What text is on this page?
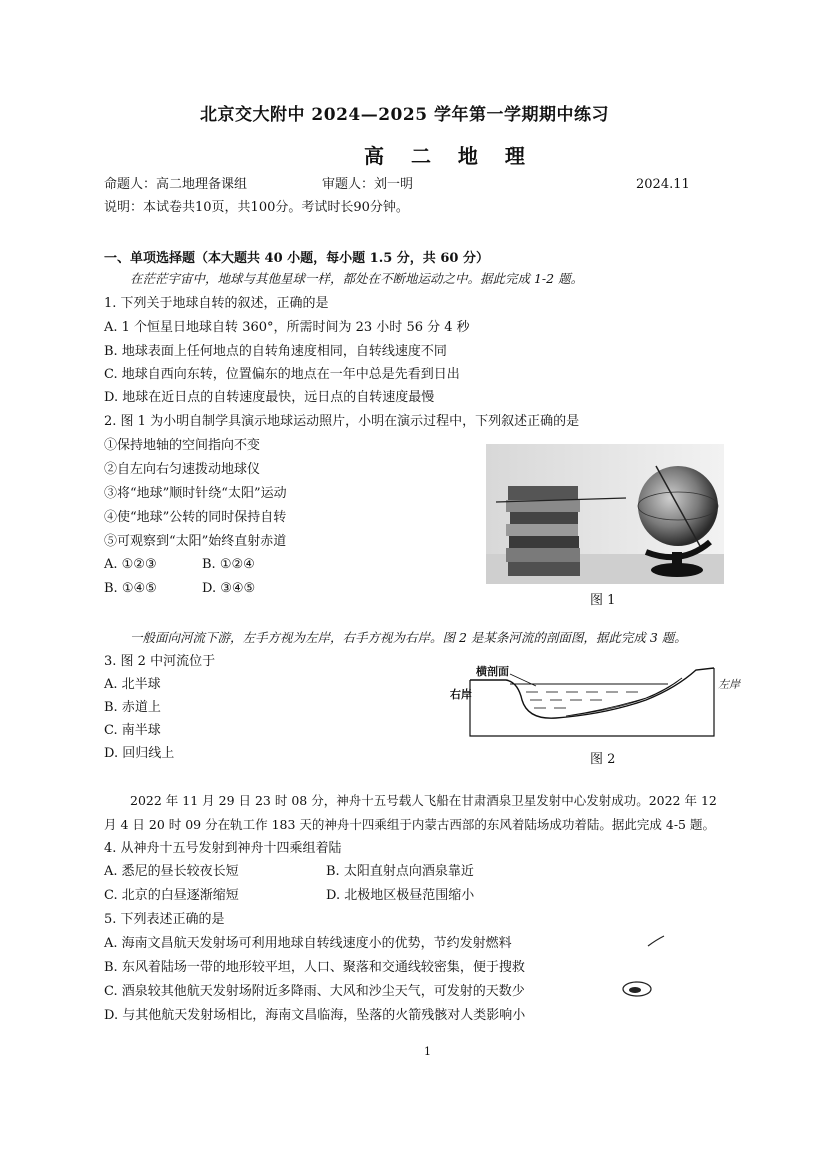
北京交大附中 2024—2025 学年第一学期期中练习
高 二 地 理
命题人：高二地理备课组	审题人：刘一明	2024.11
说明：本试卷共10页，共100分。考试时长90分钟。
一、单项选择题（本大题共 40 小题，每小题 1.5 分，共 60 分）
在茫茫宇宙中，地球与其他星球一样，都处在不断地运动之中。据此完成 1-2 题。
1. 下列关于地球自转的叙述，正确的是
A. 1 个恒星日地球自转 360°，所需时间为 23 小时 56 分 4 秒
B. 地球表面上任何地点的自转角速度相同，自转线速度不同
C. 地球自西向东转，位置偏东的地点在一年中总是先看到日出
D. 地球在近日点的自转速度最快，远日点的自转速度最慢
2. 图 1 为小明自制学具演示地球运动照片，小明在演示过程中，下列叙述正确的是
①保持地轴的空间指向不变
②自左向右匀速拨动地球仪
③将“地球”顺时针绕“太阳”运动
④使“地球”公转的同时保持自转
⑤可观察到“太阳”始终直射赤道
A. ①②③	B. ①②④
B. ①④⑤	D. ③④⑤
图 1
一般面向河流下游，左手方视为左岸，右手方视为右岸。图 2 是某条河流的剖面图，据此完成 3 题。
3. 图 2 中河流位于
A. 北半球
B. 赤道上
C. 南半球
D. 回归线上
横剖面
右岸
左岸
图 2
2022 年 11 月 29 日 23 时 08 分，神舟十五号载人飞船在甘肃酒泉卫星发射中心发射成功。2022 年 12
月 4 日 20 时 09 分在轨工作 183 天的神舟十四乘组于内蒙古西部的东风着陆场成功着陆。据此完成 4-5 题。
4. 从神舟十五号发射到神舟十四乘组着陆
A. 悉尼的昼长较夜长短	B. 太阳直射点向酒泉靠近
C. 北京的白昼逐渐缩短	D. 北极地区极昼范围缩小
5. 下列表述正确的是
A. 海南文昌航天发射场可利用地球自转线速度小的优势，节约发射燃料
B. 东风着陆场一带的地形较平坦，人口、聚落和交通线较密集，便于搜救
C. 酒泉较其他航天发射场附近多降雨、大风和沙尘天气，可发射的天数少
D. 与其他航天发射场相比，海南文昌临海，坠落的火箭残骸对人类影响小
1
